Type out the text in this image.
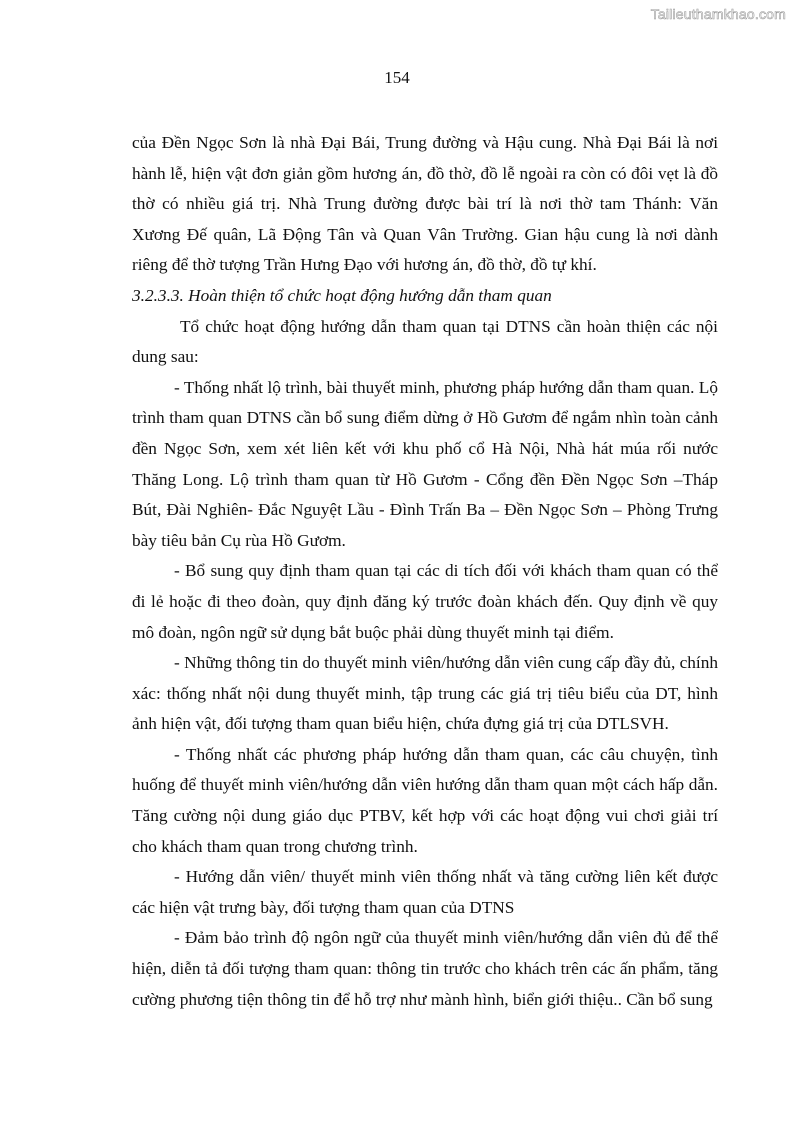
Tailieuthamkhao.com
154

của Đền Ngọc Sơn là nhà Đại Bái, Trung đường và Hậu cung. Nhà Đại Bái là nơi hành lễ, hiện vật đơn giản gồm hương án, đồ thờ, đồ lễ ngoài ra còn có đôi vẹt là đồ thờ có nhiều giá trị. Nhà Trung đường được bài trí là nơi thờ tam Thánh: Văn Xương Đế quân, Lã Động Tân và Quan Vân Trường. Gian hậu cung là nơi dành riêng để thờ tượng Trần Hưng Đạo với hương án, đồ thờ, đồ tự khí.

3.2.3.3. Hoàn thiện tổ chức hoạt động hướng dẫn tham quan

Tổ chức hoạt động hướng dẫn tham quan tại DTNS cần hoàn thiện các nội dung sau:

- Thống nhất lộ trình, bài thuyết minh, phương pháp hướng dẫn tham quan. Lộ trình tham quan DTNS cần bổ sung điểm dừng ở Hồ Gươm để ngắm nhìn toàn cảnh đền Ngọc Sơn, xem xét liên kết với khu phố cổ Hà Nội, Nhà hát múa rối nước Thăng Long. Lộ trình tham quan từ Hồ Gươm - Cổng đền Đền Ngọc Sơn –Tháp Bút, Đài Nghiên- Đắc Nguyệt Lầu - Đình Trấn Ba – Đền Ngọc Sơn – Phòng Trưng bày tiêu bản Cụ rùa Hồ Gươm.

- Bổ sung quy định tham quan tại các di tích đối với khách tham quan có thể đi lẻ hoặc đi theo đoàn, quy định đăng ký trước đoàn khách đến. Quy định về quy mô đoàn, ngôn ngữ sử dụng bắt buộc phải dùng thuyết minh tại điểm.

- Những thông tin do thuyết minh viên/hướng dẫn viên cung cấp đầy đủ, chính xác: thống nhất nội dung thuyết minh, tập trung các giá trị tiêu biểu của DT, hình ảnh hiện vật, đối tượng tham quan biểu hiện, chứa đựng giá trị của DTLSVH.

- Thống nhất các phương pháp hướng dẫn tham quan, các câu chuyện, tình huống để thuyết minh viên/hướng dẫn viên hướng dẫn tham quan một cách hấp dẫn. Tăng cường nội dung giáo dục PTBV, kết hợp với các hoạt động vui chơi giải trí cho khách tham quan trong chương trình.

- Hướng dẫn viên/ thuyết minh viên thống nhất và tăng cường liên kết được các hiện vật trưng bày, đối tượng tham quan của DTNS

- Đảm bảo trình độ ngôn ngữ của thuyết minh viên/hướng dẫn viên đủ để thể hiện, diễn tả đối tượng tham quan: thông tin trước cho khách trên các ấn phẩm, tăng cường phương tiện thông tin để hỗ trợ như mành hình, biển giới thiệu.. Cần bổ sung
